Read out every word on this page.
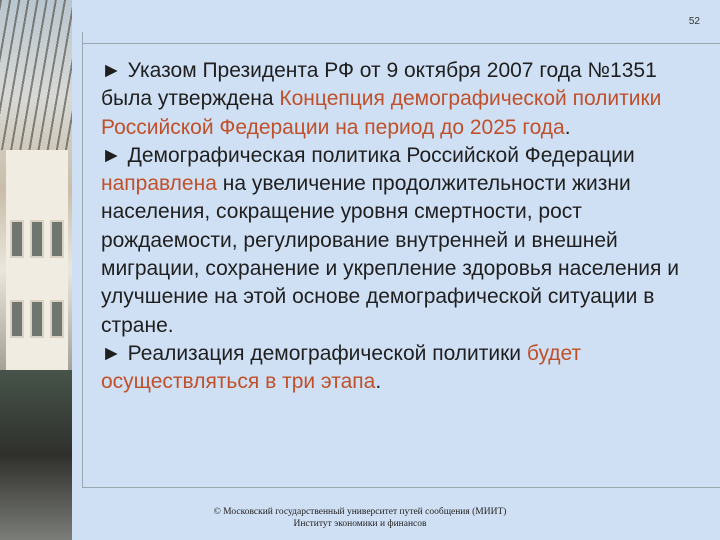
52

► Указом Президента РФ от 9 октября 2007 года №1351 была утверждена Концепция демографической политики Российской Федерации на период до 2025 года.

► Демографическая политика Российской Федерации направлена на увеличение продолжительности жизни населения, сокращение уровня смертности, рост рождаемости, регулирование внутренней и внешней миграции, сохранение и укрепление здоровья населения и улучшение на этой основе демографической ситуации в стране.

► Реализация демографической политики будет осуществляться в три этапа.

© Московский государственный университет путей сообщения (МИИТ)
Институт экономики и финансов
